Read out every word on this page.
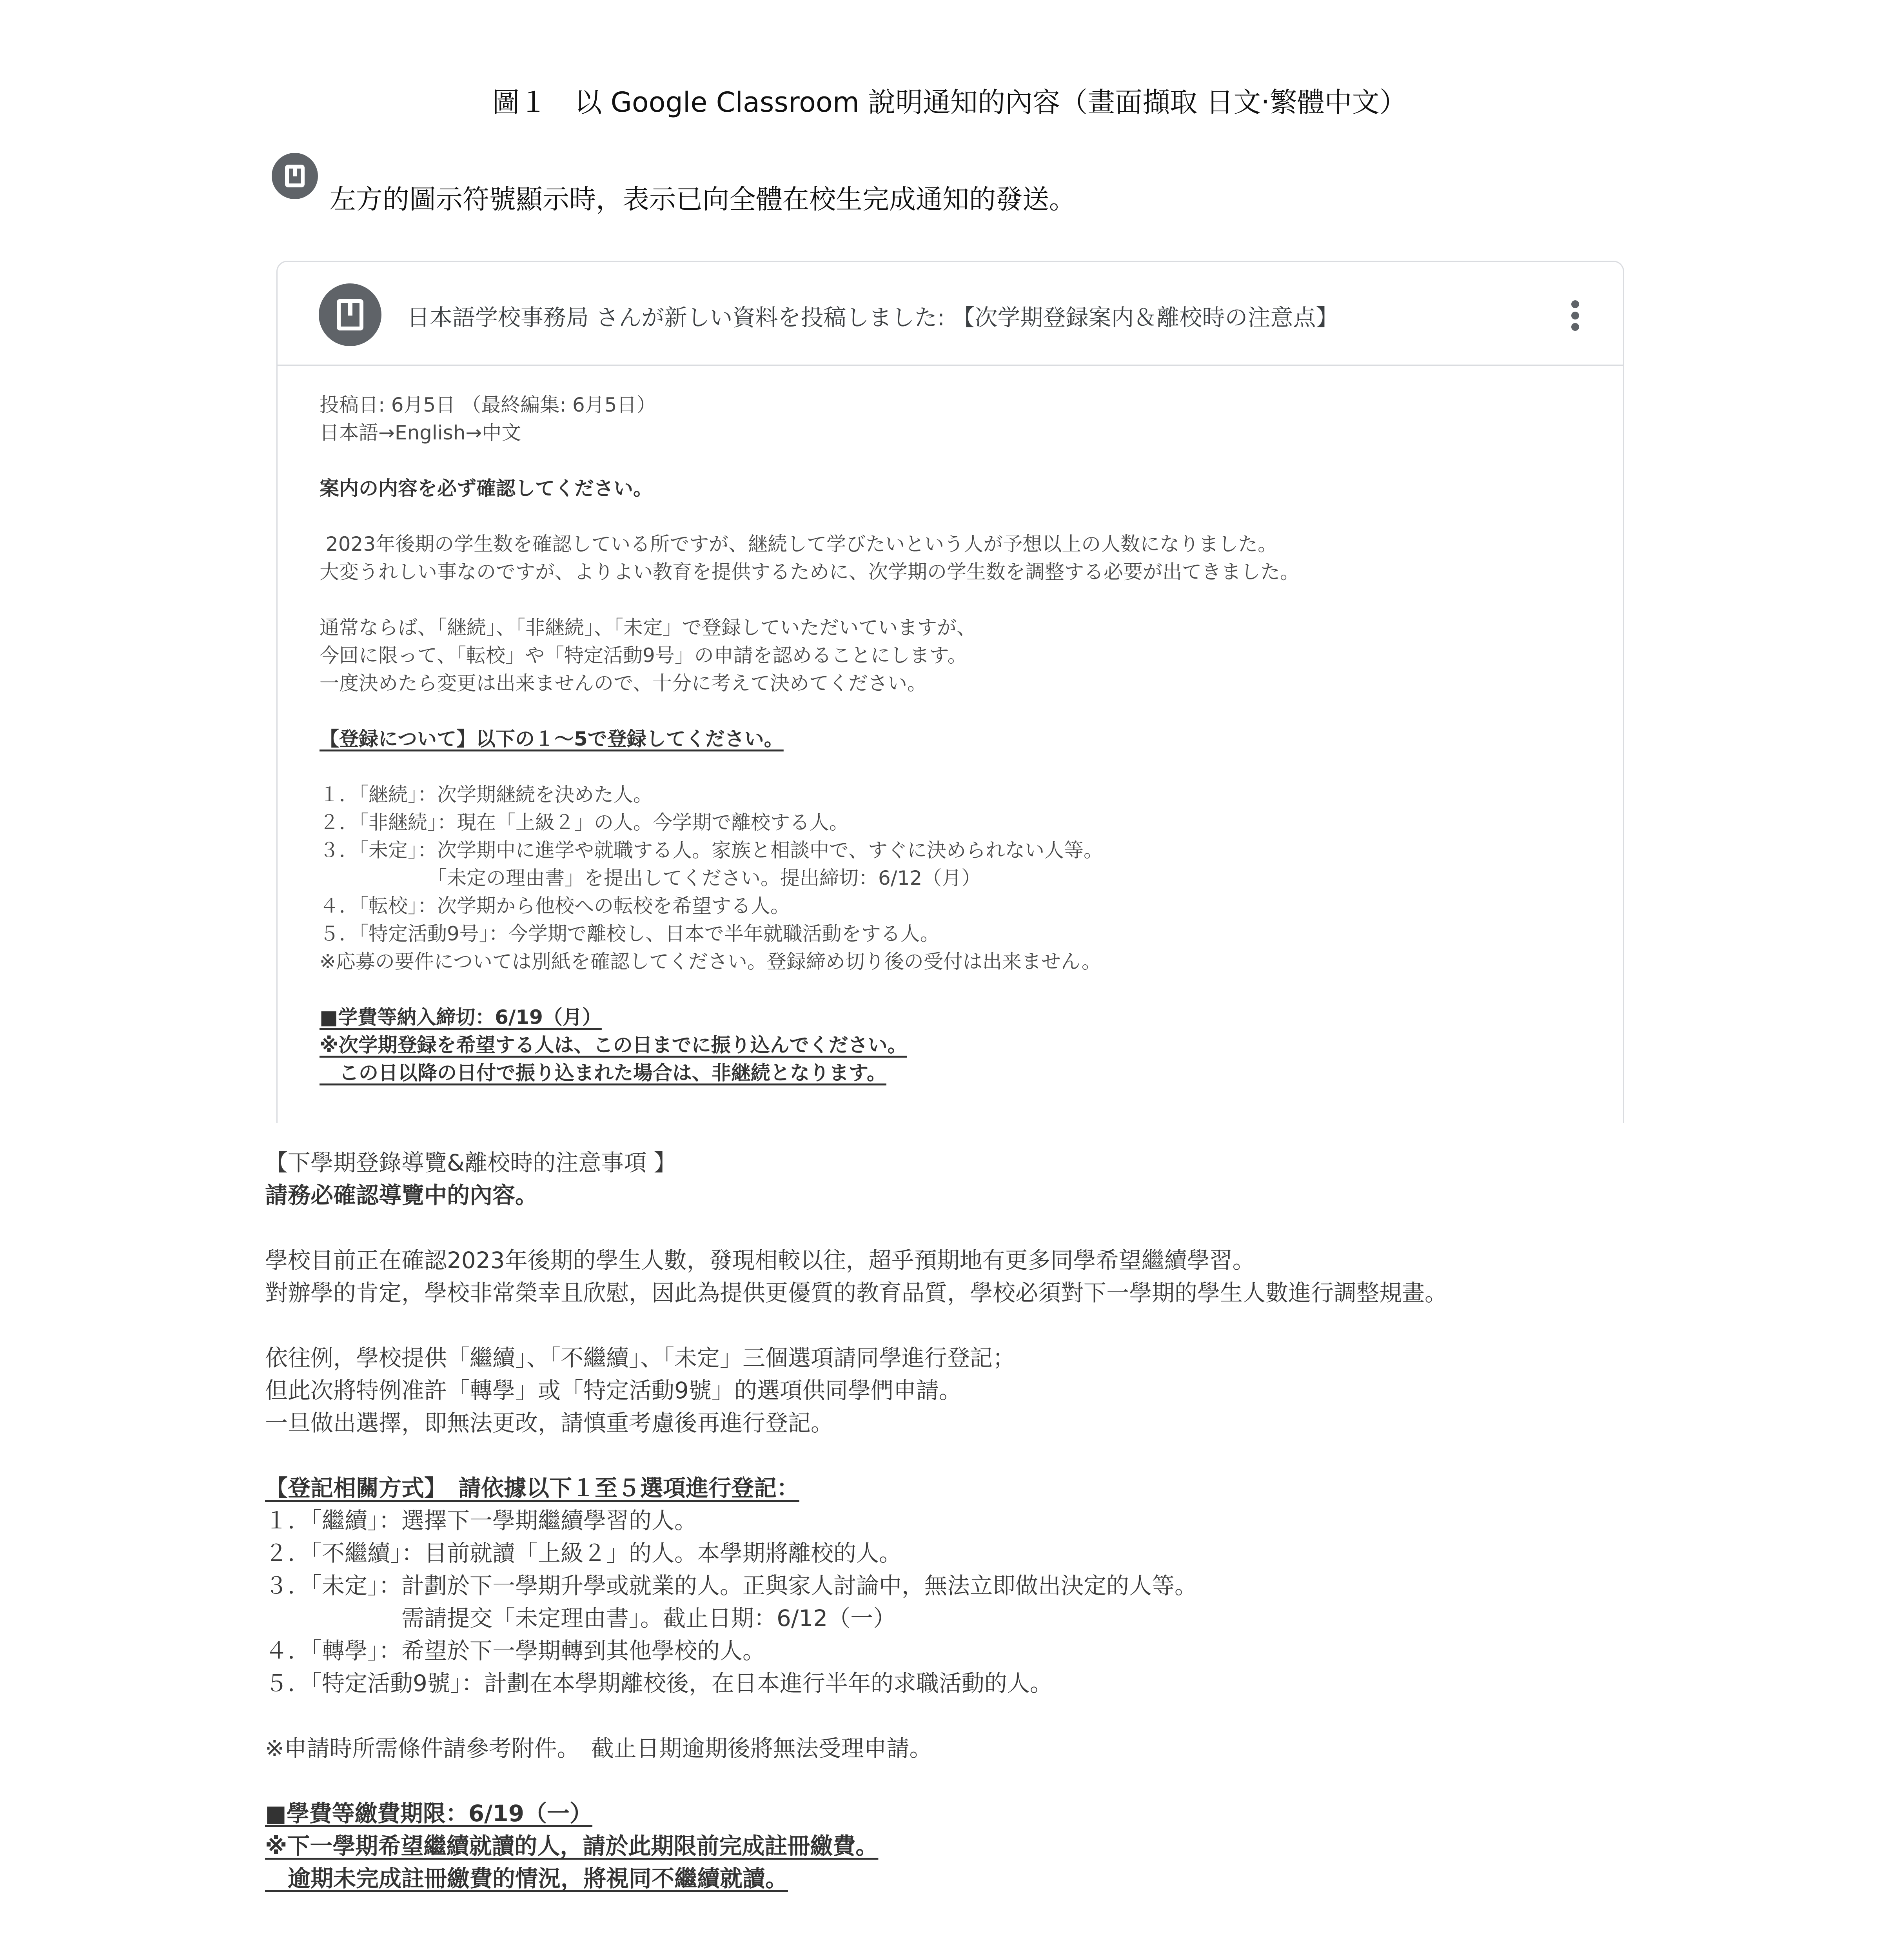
圖１　以 Google Classroom 說明通知的內容（畫面擷取 日文‧繁體中文）
左方的圖示符號顯示時，表示已向全體在校生完成通知的發送。
日本語学校事務局 さんが新しい資料を投稿しました: 【次学期登録案内＆離校時の注意点】
投稿日: 6月5日 （最終編集: 6月5日）
日本語→English→中文
案内の内容を必ず確認してください。
2023年後期の学生数を確認している所ですが、継続して学びたいという人が予想以上の人数になりました。
大変うれしい事なのですが、よりよい教育を提供するために、次学期の学生数を調整する必要が出てきました。
通常ならば、「継続」、「非継続」、「未定」で登録していただいていますが、
今回に限って、「転校」や「特定活動9号」の申請を認めることにします。
一度決めたら変更は出来ませんので、十分に考えて決めてください。
【登録について】以下の１～5で登録してください。
１．「継続」：次学期継続を決めた人。
２．「非継続」：現在「上級２」の人。今学期で離校する人。
３．「未定」：次学期中に進学や就職する人。家族と相談中で、すぐに決められない人等。
　　　　　　「未定の理由書」を提出してください。提出締切：6/12（月）
４．「転校」：次学期から他校への転校を希望する人。
５．「特定活動9号」：今学期で離校し、日本で半年就職活動をする人。
※応募の要件については別紙を確認してください。登録締め切り後の受付は出来ません。
■学費等納入締切：6/19（月）
※次学期登録を希望する人は、この日までに振り込んでください。
　この日以降の日付で振り込まれた場合は、非継続となります。
【下學期登錄導覽&離校時的注意事項 】
請務必確認導覽中的內容。
學校目前正在確認2023年後期的學生人數，發現相較以往，超乎預期地有更多同學希望繼續學習。
對辦學的肯定，學校非常榮幸且欣慰，因此為提供更優質的教育品質，學校必須對下一學期的學生人數進行調整規畫。
依往例，學校提供「繼續」、「不繼續」、「未定」三個選項請同學進行登記；
但此次將特例准許「轉學」或「特定活動9號」的選項供同學們申請。
一旦做出選擇，即無法更改，請慎重考慮後再進行登記。
【登記相關方式】　請依據以下１至５選項進行登記：
１．「繼續」：選擇下一學期繼續學習的人。
２．「不繼續」：目前就讀「上級２」的人。本學期將離校的人。
３．「未定」：計劃於下一學期升學或就業的人。正與家人討論中，無法立即做出決定的人等。
　　　　　　需請提交「未定理由書」。截止日期：6/12（一）
４．「轉學」：希望於下一學期轉到其他學校的人。
５．「特定活動9號」：計劃在本學期離校後，在日本進行半年的求職活動的人。
※申請時所需條件請參考附件。　截止日期逾期後將無法受理申請。
■學費等繳費期限：6/19（一）
※下一學期希望繼續就讀的人，請於此期限前完成註冊繳費。
　逾期未完成註冊繳費的情況，將視同不繼續就讀。
